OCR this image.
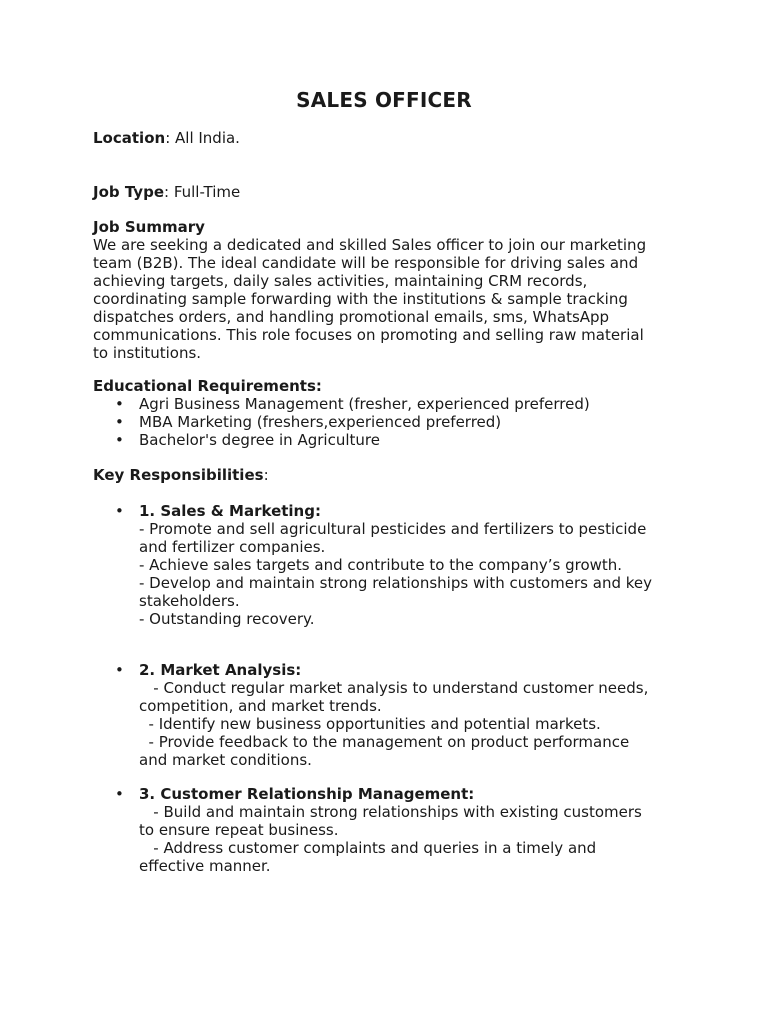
SALES OFFICER
Location: All India.
Job Type: Full-Time
Job Summary
We are seeking a dedicated and skilled Sales officer to join our marketing
team (B2B). The ideal candidate will be responsible for driving sales and
achieving targets, daily sales activities, maintaining CRM records,
coordinating sample forwarding with the institutions & sample tracking
dispatches orders, and handling promotional emails, sms, WhatsApp
communications. This role focuses on promoting and selling raw material
to institutions.
Educational Requirements:

•

Agri Business Management (fresher, experienced preferred)

•

MBA Marketing (freshers,experienced preferred)

•

Bachelor's degree in Agriculture

Key Responsibilities:

•

1. Sales & Marketing:

- Promote and sell agricultural pesticides and fertilizers to pesticide
and fertilizer companies.
- Achieve sales targets and contribute to the company’s growth.
- Develop and maintain strong relationships with customers and key
stakeholders.
- Outstanding recovery.

•

2. Market Analysis:

- Conduct regular market analysis to understand customer needs,
competition, and market trends.
- Identify new business opportunities and potential markets.
- Provide feedback to the management on product performance
and market conditions.

•

3. Customer Relationship Management:

- Build and maintain strong relationships with existing customers
to ensure repeat business.
- Address customer complaints and queries in a timely and
effective manner.
